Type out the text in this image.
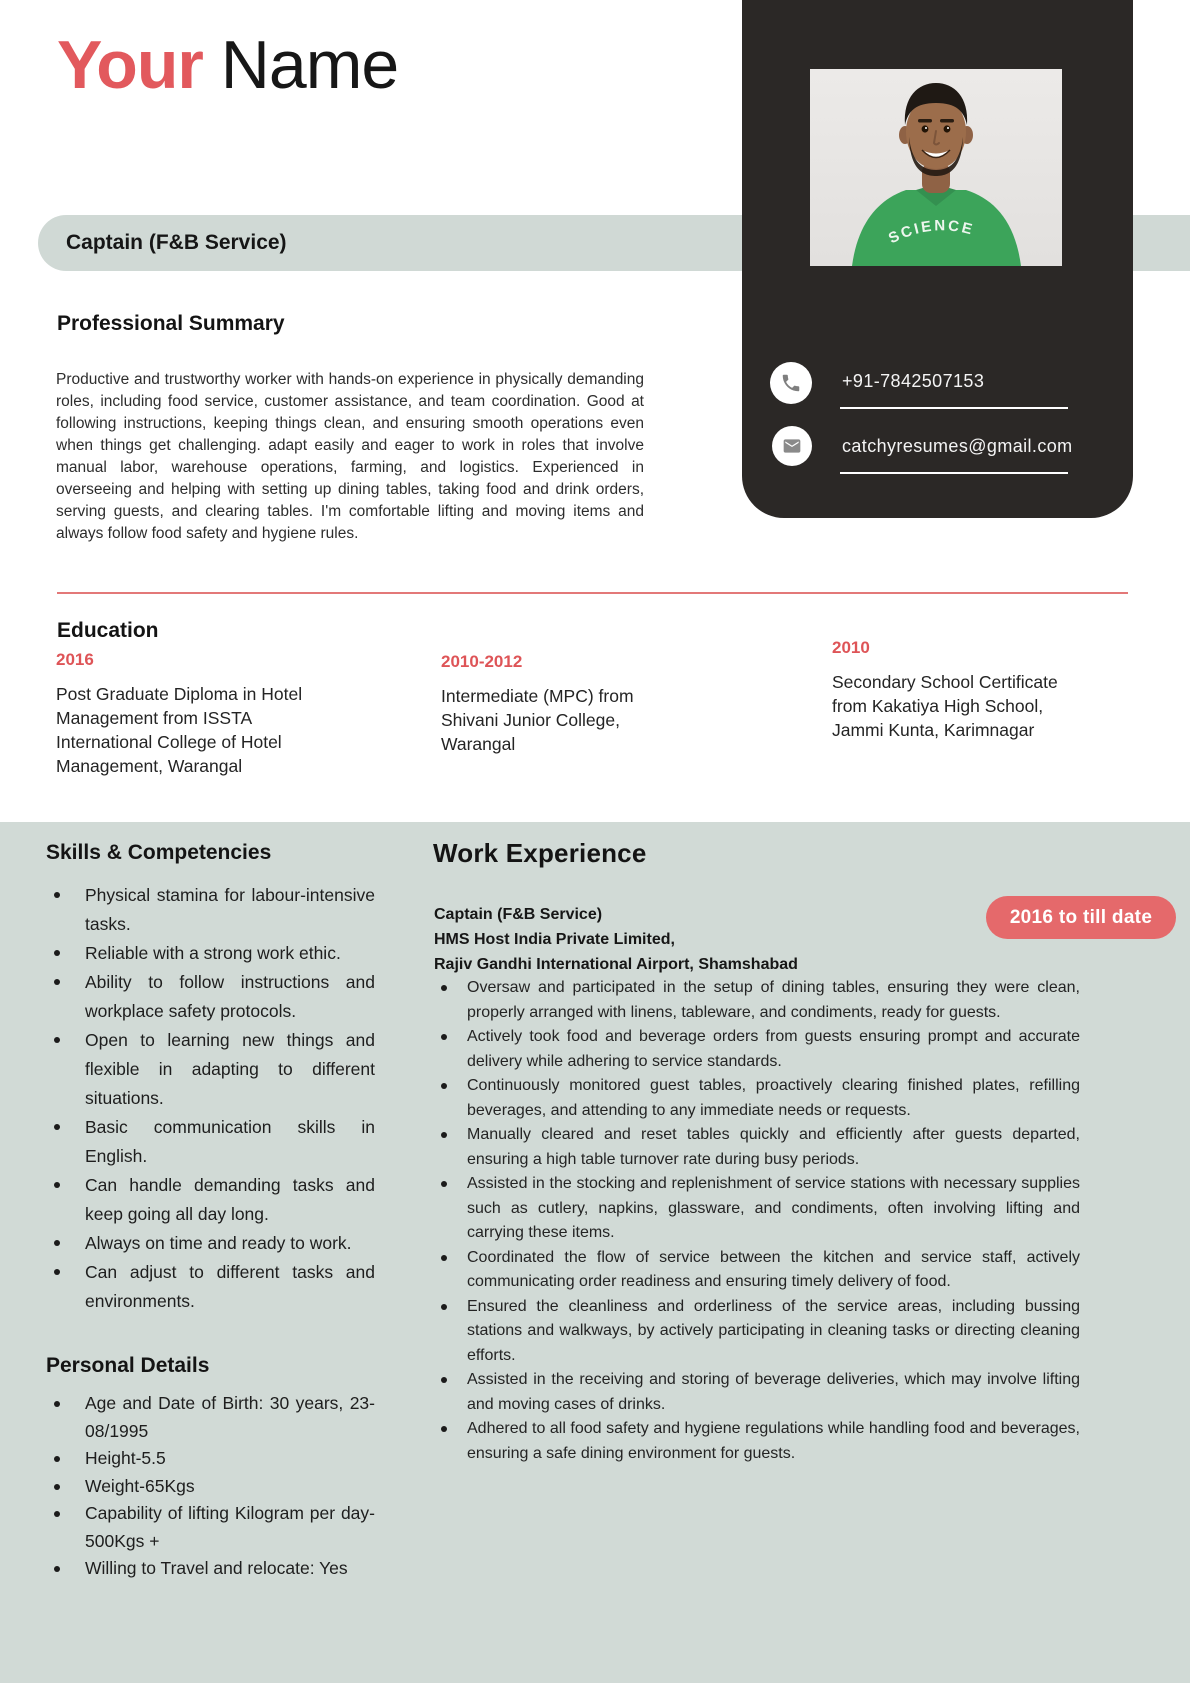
Your Name
Captain (F&B Service)	SCIENCE
+91-7842507153
catchyresumes@gmail.com
Professional Summary
Productive and trustworthy worker with hands-on experience in physically demanding roles, including food service, customer assistance, and team coordination. Good at following instructions, keeping things clean, and ensuring smooth operations even when things get challenging. adapt easily and eager to work in roles that involve manual labor, warehouse operations, farming, and logistics. Experienced in overseeing and helping with setting up dining tables, taking food and drink orders, serving guests, and clearing tables. I'm comfortable lifting and moving items and always follow food safety and hygiene rules.
Education

2016

Post Graduate Diploma in Hotel Management from ISSTA International College of Hotel Management, Warangal

2010-2012

Intermediate (MPC) from Shivani Junior College, Warangal

2010

Secondary School Certificate from Kakatiya High School, Jammi Kunta, Karimnagar

Skills & Competencies
Physical stamina for labour-intensive tasks.
Reliable with a strong work ethic.
Ability to follow instructions and workplace safety protocols.
Open to learning new things and flexible in adapting to different situations.
Basic communication skills in English.
Can handle demanding tasks and keep going all day long.
Always on time and ready to work.
Can adjust to different tasks and environments.
Personal Details
Age and Date of Birth: 30 years, 23-08/1995
Height-5.5
Weight-65Kgs
Capability of lifting Kilogram per day-500Kgs +
Willing to Travel and relocate: Yes
Work Experience

Captain (F&B Service)

HMS Host India Private Limited,

Rajiv Gandhi International Airport, Shamshabad

2016 to till date
Oversaw and participated in the setup of dining tables, ensuring they were clean, properly arranged with linens, tableware, and condiments, ready for guests.
Actively took food and beverage orders from guests ensuring prompt and accurate delivery while adhering to service standards.
Continuously monitored guest tables, proactively clearing finished plates, refilling beverages, and attending to any immediate needs or requests.
Manually cleared and reset tables quickly and efficiently after guests departed, ensuring a high table turnover rate during busy periods.
Assisted in the stocking and replenishment of service stations with necessary supplies such as cutlery, napkins, glassware, and condiments, often involving lifting and carrying these items.
Coordinated the flow of service between the kitchen and service staff, actively communicating order readiness and ensuring timely delivery of food.
Ensured the cleanliness and orderliness of the service areas, including bussing stations and walkways, by actively participating in cleaning tasks or directing cleaning efforts.
Assisted in the receiving and storing of beverage deliveries, which may involve lifting and moving cases of drinks.
Adhered to all food safety and hygiene regulations while handling food and beverages, ensuring a safe dining environment for guests.
